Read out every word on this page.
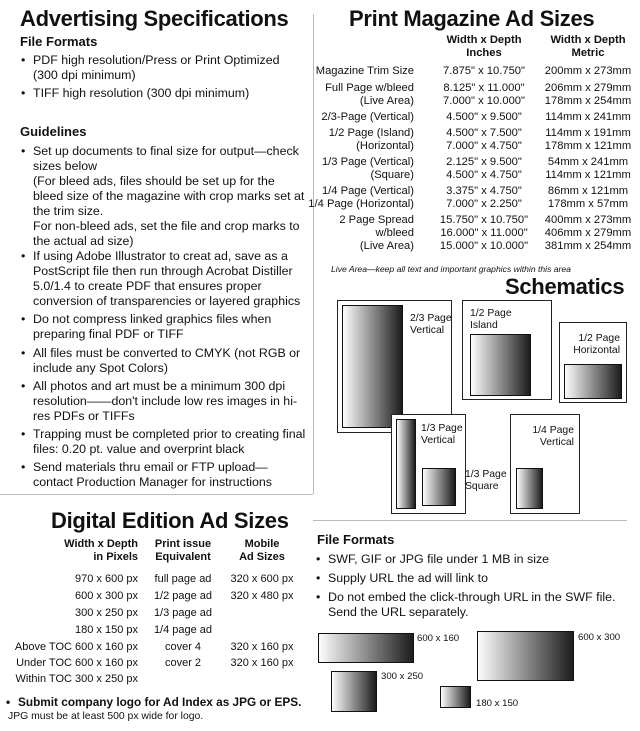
Advertising Specifications
File Formats
• PDF high resolution/Press or Print Optimized (300 dpi minimum)
• TIFF high resolution (300 dpi minimum)
Guidelines
• Set up documents to final size for output—check sizes below
(For bleed ads, files should be set up for the bleed size of the magazine with crop marks set at the trim size.
For non-bleed ads, set the file and crop marks to the actual ad size)
• If using Adobe Illustrator to creat ad, save as a PostScript file then run through Acrobat Distiller 5.0/1.4 to create PDF that ensures proper conversion of transparencies or layered graphics
• Do not compress linked graphics files when preparing final PDF or TIFF
• All files must be converted to CMYK (not RGB or include any Spot Colors)
• All photos and art must be a minimum 300 dpi resolution——don't include low res images in hi-res PDFs or TIFFs
• Trapping must be completed prior to creating final files: 0.20 pt. value and overprint black
• Send materials thru email or FTP upload—contact Production Manager for instructions
Print Magazine Ad Sizes
Width x Depth
Inches
Width x Depth
Metric
Magazine Trim Size	7.875" x 10.750"	200mm x 273mm
Full Page w/bleed	8.125" x 11.000"	206mm x 279mm
(Live Area)	7.000" x 10.000"	178mm x 254mm
2/3-Page (Vertical)	4.500" x 9.500"	114mm x 241mm
1/2 Page (Island)	4.500" x 7.500"	114mm x 191mm
(Horizontal)	7.000" x 4.750"	178mm x 121mm
1/3 Page (Vertical)	2.125" x 9.500"	54mm x 241mm
(Square)	4.500" x 4.750"	114mm x 121mm
1/4 Page (Vertical)	3.375" x 4.750"	86mm x 121mm
1/4 Page (Horizontal)	7.000" x 2.250"	178mm x 57mm
2 Page Spread	15.750" x 10.750"	400mm x 273mm
w/bleed	16.000" x 11.000"	406mm x 279mm
(Live Area)	15.000" x 10.000"	381mm x 254mm
Live Area—keep all text and important graphics within this area
Schematics
2/3 Page
Vertical
1/2 Page
Island
1/2 Page
Horizontal
1/3 Page
Vertical
1/3 Page
Square
1/4 Page
Vertical
Digital Edition Ad Sizes
Width x Depth
in Pixels
Print issue
Equivalent
Mobile
Ad Sizes
970 x 600 px	full page ad	320 x 600 px
600 x 300 px	1/2 page ad	320 x 480 px
300 x 250 px	1/3 page ad
180 x 150 px	1/4 page ad
Above TOC 600 x 160 px	cover 4	320 x 160 px
Under TOC 600 x 160 px	cover 2	320 x 160 px
Within TOC 300 x 250 px
• Submit company logo for Ad Index as JPG or EPS.
JPG must be at least 500 px wide for logo.
File Formats
• SWF, GIF or JPG file under 1 MB in size
• Supply URL the ad will link to
• Do not embed the click-through URL in the SWF file. Send the URL separately.
600 x 160	600 x 300
300 x 250
180 x 150
